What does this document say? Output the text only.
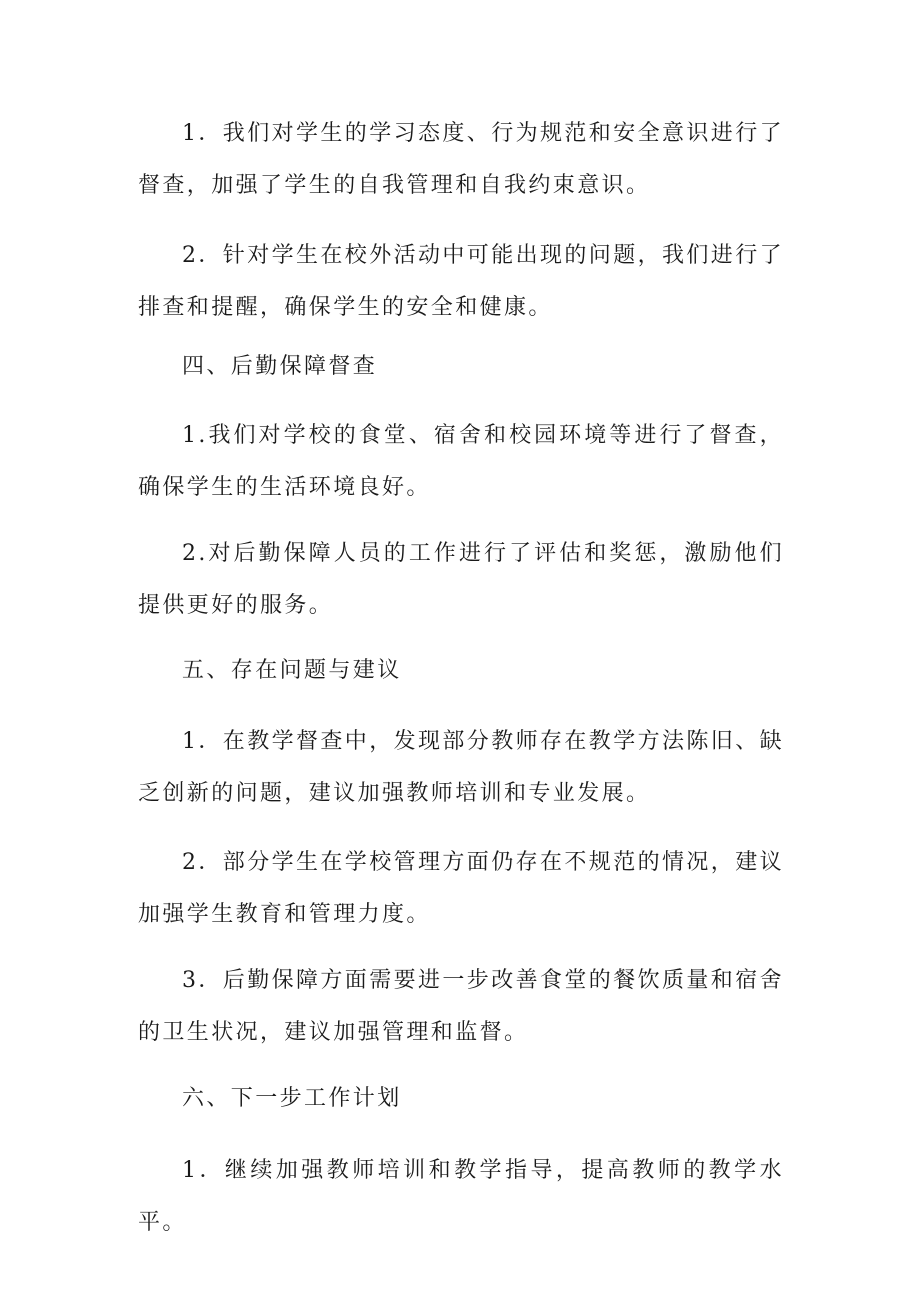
1．我们对学生的学习态度、行为规范和安全意识进行了督查，加强了学生的自我管理和自我约束意识。

2．针对学生在校外活动中可能出现的问题，我们进行了排查和提醒，确保学生的安全和健康。

四、后勤保障督查

1.我们对学校的食堂、宿舍和校园环境等进行了督查，确保学生的生活环境良好。

2.对后勤保障人员的工作进行了评估和奖惩，激励他们提供更好的服务。

五、存在问题与建议

1．在教学督查中，发现部分教师存在教学方法陈旧、缺乏创新的问题，建议加强教师培训和专业发展。

2．部分学生在学校管理方面仍存在不规范的情况，建议加强学生教育和管理力度。

3．后勤保障方面需要进一步改善食堂的餐饮质量和宿舍的卫生状况，建议加强管理和监督。

六、下一步工作计划

1．继续加强教师培训和教学指导，提高教师的教学水平。
